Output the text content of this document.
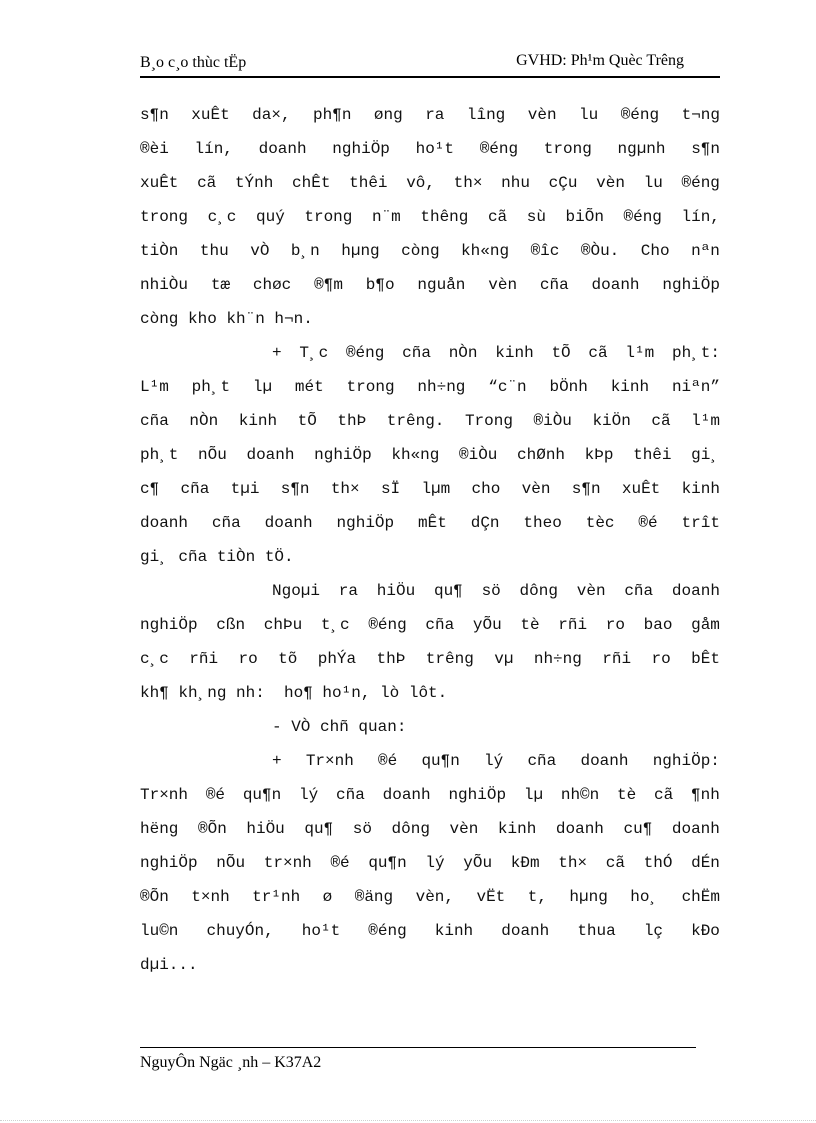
B¸o c¸o thùc tËp	GVHD: Ph¹m Quèc Trêng
s¶n xuÊt da×, ph¶n øng ra lîng vèn lu ®éng t¬ng
®èi lín, doanh nghiÖp ho¹t ®éng trong ngµnh s¶n
xuÊt cã tÝnh chÊt thêi vô, th× nhu cÇu vèn lu ®éng
trong c¸c quý trong n¨m thêng cã sù biÕn ®éng lín,
tiÒn thu vÒ b¸n hµng còng kh«ng ®îc ®Òu. Cho nªn
nhiÒu tæ chøc ®¶m b¶o nguån vèn cña doanh nghiÖp
còng kho kh¨n h¬n.
+ T¸c ®éng cña nÒn kinh tÕ cã l¹m ph¸t:
L¹m ph¸t lµ mét trong nh÷ng “c¨n bÖnh kinh niªn”
cña nÒn kinh tÕ thÞ trêng. Trong ®iÒu kiÖn cã l¹m
ph¸t nÕu doanh nghiÖp kh«ng ®iÒu chØnh kÞp thêi gi¸
c¶ cña tµi s¶n th× sÏ lµm cho vèn s¶n xuÊt kinh
doanh cña doanh nghiÖp mÊt dÇn theo tèc ®é trît
gi¸ cña tiÒn tÖ.
Ngoµi ra hiÖu qu¶ sö dông vèn cña doanh
nghiÖp cßn chÞu t¸c ®éng cña yÕu tè rñi ro bao gåm
c¸c rñi ro tõ phÝa thÞ trêng vµ nh÷ng rñi ro bÊt
kh¶ kh¸ng nh:  ho¶ ho¹n, lò lôt.
- VÒ chñ quan:
+ Tr×nh ®é qu¶n lý cña doanh nghiÖp:
Tr×nh ®é qu¶n lý cña doanh nghiÖp lµ nh©n tè cã ¶nh
hëng ®Õn hiÖu qu¶ sö dông vèn kinh doanh cu¶ doanh
nghiÖp nÕu tr×nh ®é qu¶n lý yÕu kÐm th× cã thÓ dÉn
®Õn t×nh tr¹nh ø ®äng vèn, vËt t, hµng ho¸ chËm
lu©n chuyÓn, ho¹t ®éng kinh doanh thua lç kÐo
dµi...
NguyÔn Ngäc ¸nh – K37A2
